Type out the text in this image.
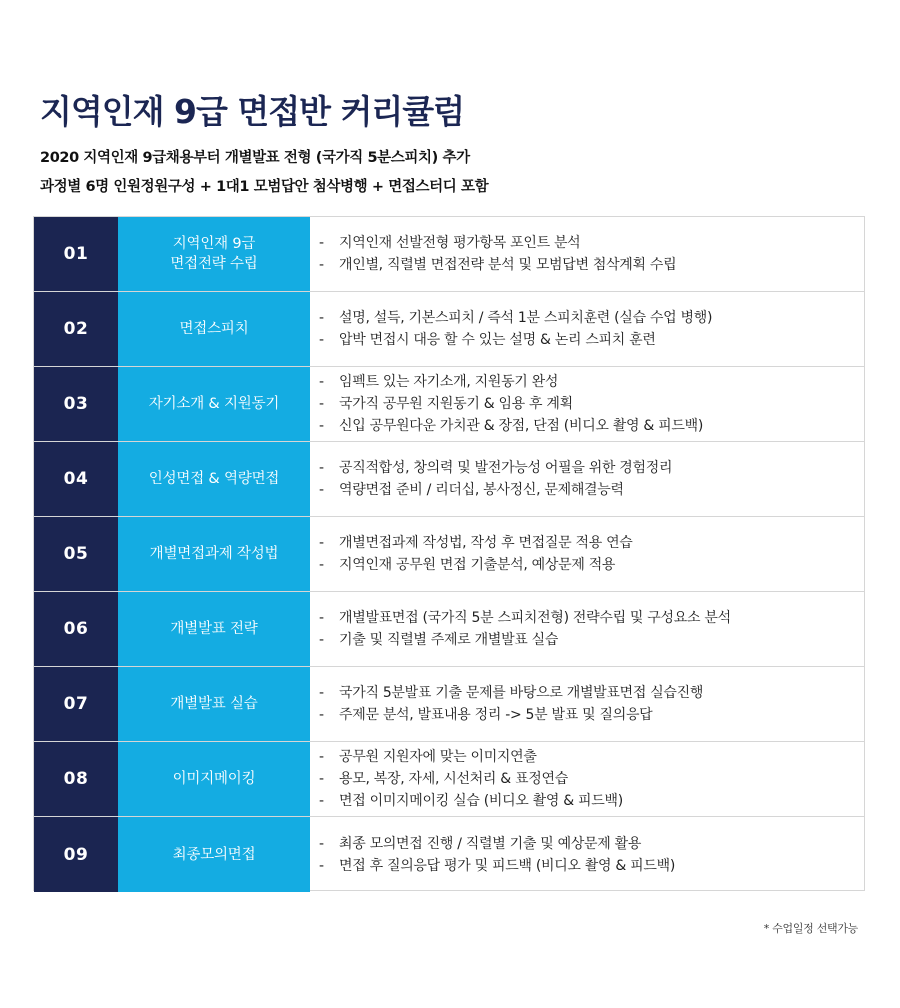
지역인재 9급 면접반 커리큘럼

2020 지역인재 9급채용부터 개별발표 전형 (국가직 5분스피치) 추가

과정별 6명 인원정원구성 + 1대1 모범답안 첨삭병행 + 면접스터디 포함

01	지역인재 9급
면접전략 수립
-	지역인재 선발전형 평가항목 포인트 분석
-	개인별, 직렬별 면접전략 분석 및 모범답변 첨삭계획 수립
02	면접스피치
-	설명, 설득, 기본스피치 / 즉석 1분 스피치훈련 (실습 수업 병행)
-	압박 면접시 대응 할 수 있는 설명 & 논리 스피치 훈련
03	자기소개 & 지원동기
-	임펙트 있는 자기소개, 지원동기 완성
-	국가직 공무원 지원동기 & 임용 후 계획
-	신입 공무원다운 가치관 & 장점, 단점 (비디오 촬영 & 피드백)
04	인성면접 & 역량면접
-	공직적합성, 창의력 및 발전가능성 어필을 위한 경험정리
-	역량면접 준비 / 리더십, 봉사정신, 문제해결능력
05	개별면접과제 작성법
-	개별면접과제 작성법, 작성 후 면접질문 적용 연습
-	지역인재 공무원 면접 기출분석, 예상문제 적용
06	개별발표 전략
-	개별발표면접 (국가직 5분 스피치전형) 전략수립 및 구성요소 분석
-	기출 및 직렬별 주제로 개별발표 실습
07	개별발표 실습
-	국가직 5분발표 기출 문제를 바탕으로 개별발표면접 실습진행
-	주제문 분석, 발표내용 정리 -> 5분 발표 및 질의응답
08	이미지메이킹
-	공무원 지원자에 맞는 이미지연출
-	용모, 복장, 자세, 시선처리 & 표정연습
-	면접 이미지메이킹 실습 (비디오 촬영 & 피드백)
09	최종모의면접
-	최종 모의면접 진행 / 직렬별 기출 및 예상문제 활용
-	면접 후 질의응답 평가 및 피드백 (비디오 촬영 & 피드백)

* 수업일정 선택가능
